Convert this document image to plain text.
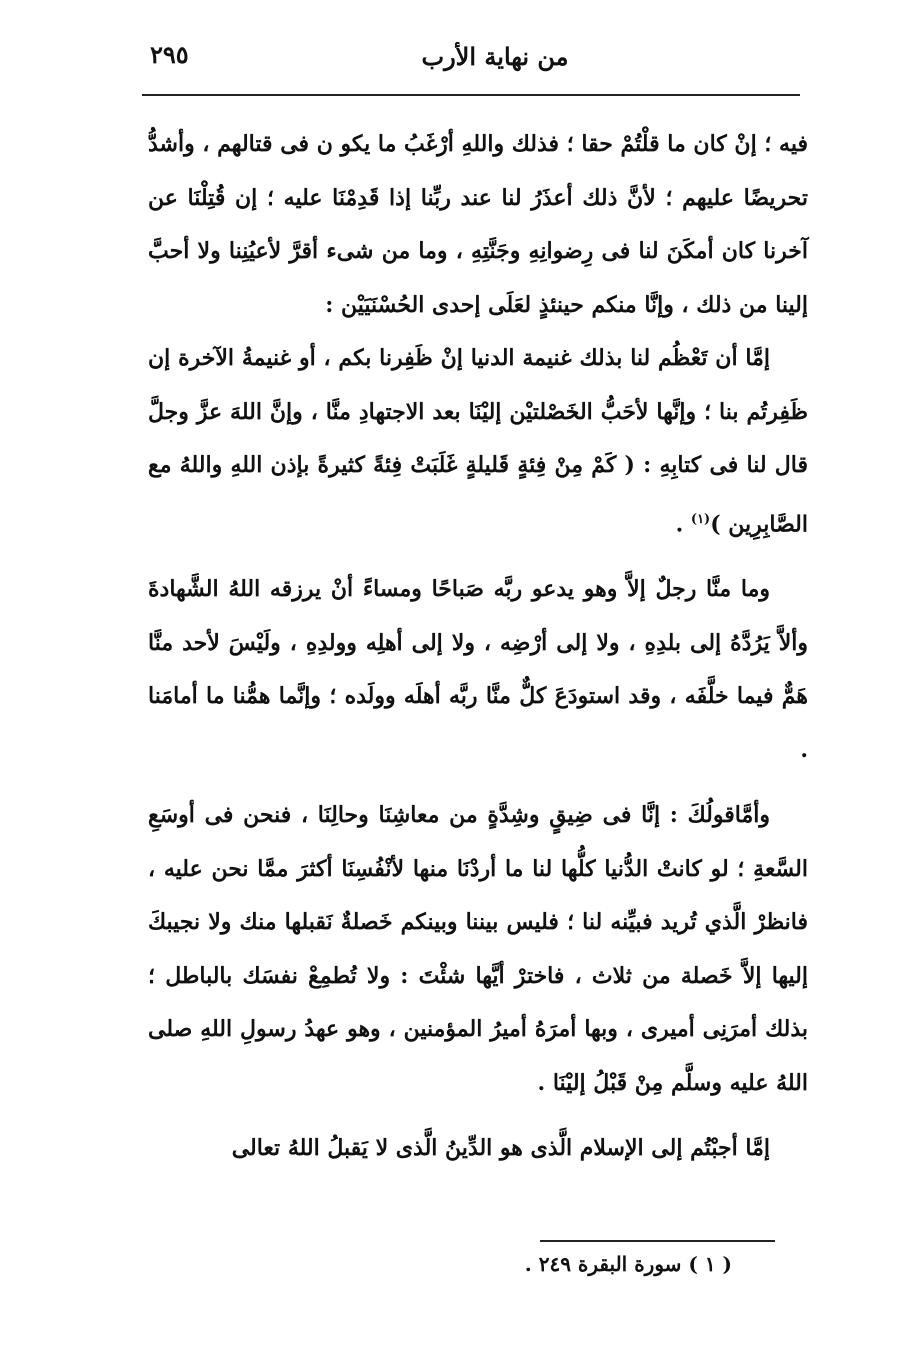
٢٩٥	من نهاية الأرب

فيه ؛ إنْ كان ما قلْتُمْ حقا ؛ فذلك واللهِ أرْغَبُ ما يكو ن فى قتالهم ، وأشدُّ تحريضًا عليهم ؛ لأنَّ ذلك أعذَرُ لنا عند ربِّنا إذا قَدِمْنَا عليه ؛ إن قُتِلْنَا عن آخرنا كان أمكَنَ لنا فى رِضوانِهِ وجَنَّتِهِ ، وما من شىء أقرَّ لأعيُنِنا ولا أحبَّ إلينا من ذلك ، وإنَّا منكم حينئذٍ لعَلَى إحدى الحُسْنَيَيْن :

إمَّا أن تَعْظُم لنا بذلك غنيمة الدنيا إنْ ظَفِرنا بكم ، أو غنيمةُ الآخرة إن ظَفِرتُم بنا ؛ وإنَّها لأحَبُّ الخَصْلتيْن إليْنَا بعد الاجتهادِ منَّا ، وإنَّ اللهَ عزَّ وجلَّ قال لنا فى كتابِهِ : ( كَمْ مِنْ فِئةٍ قَليلةٍ غَلَبَتْ فِئةً كثيرةً بإذن اللهِ واللهُ مع الصَّابِرِين )$^{(١)}$ .

وما منَّا رجلٌ إلاَّ وهو يدعو ربَّه صَباحًا ومساءً أنْ يرزقه اللهُ الشَّهادةَ وألاَّ يَرُدَّهُ إلى بلدِهِ ، ولا إلى أرْضِه ، ولا إلى أهلِه وولدِهِ ، ولَيْسَ لأحد منَّا هَمٌّ فيما خلَّفَه ، وقد استودَعَ كلٌّ منَّا ربَّه أهلَه وولَده ؛ وإنَّما همُّنا ما أمامَنا .

وأمَّاقولُكَ : إنَّا فى ضِيقٍ وشِدَّةٍ من معاشِنَا وحالِنَا ، فنحن فى أوسَعِ السَّعةِ ؛ لو كانتْ الدُّنيا كلُّها لنا ما أردْنَا منها لأنْفُسِنَا أكثرَ ممَّا نحن عليه ، فانظرْ الَّذي تُريد فبيِّنه لنا ؛ فليس بيننا وبينكم خَصلةٌ نَقبلها منك ولا نجيبكَ إليها إلاَّ خَصلة من ثلاث ، فاخترْ أيَّها شئْتَ : ولا تُطمِعْ نفسَك بالباطل ؛ بذلك أمرَنِى أميرى ، وبها أمرَهُ أميرُ المؤمنين ، وهو عهدُ رسولِ اللهِ صلى اللهُ عليه وسلَّم مِنْ قَبْلُ إليْنَا .

إمَّا أجبْتُم إلى الإسلام الَّذى هو الدِّينُ الَّذى لا يَقبلُ اللهُ تعالى

( ١ ) سورة البقرة ٢٤٩ .
